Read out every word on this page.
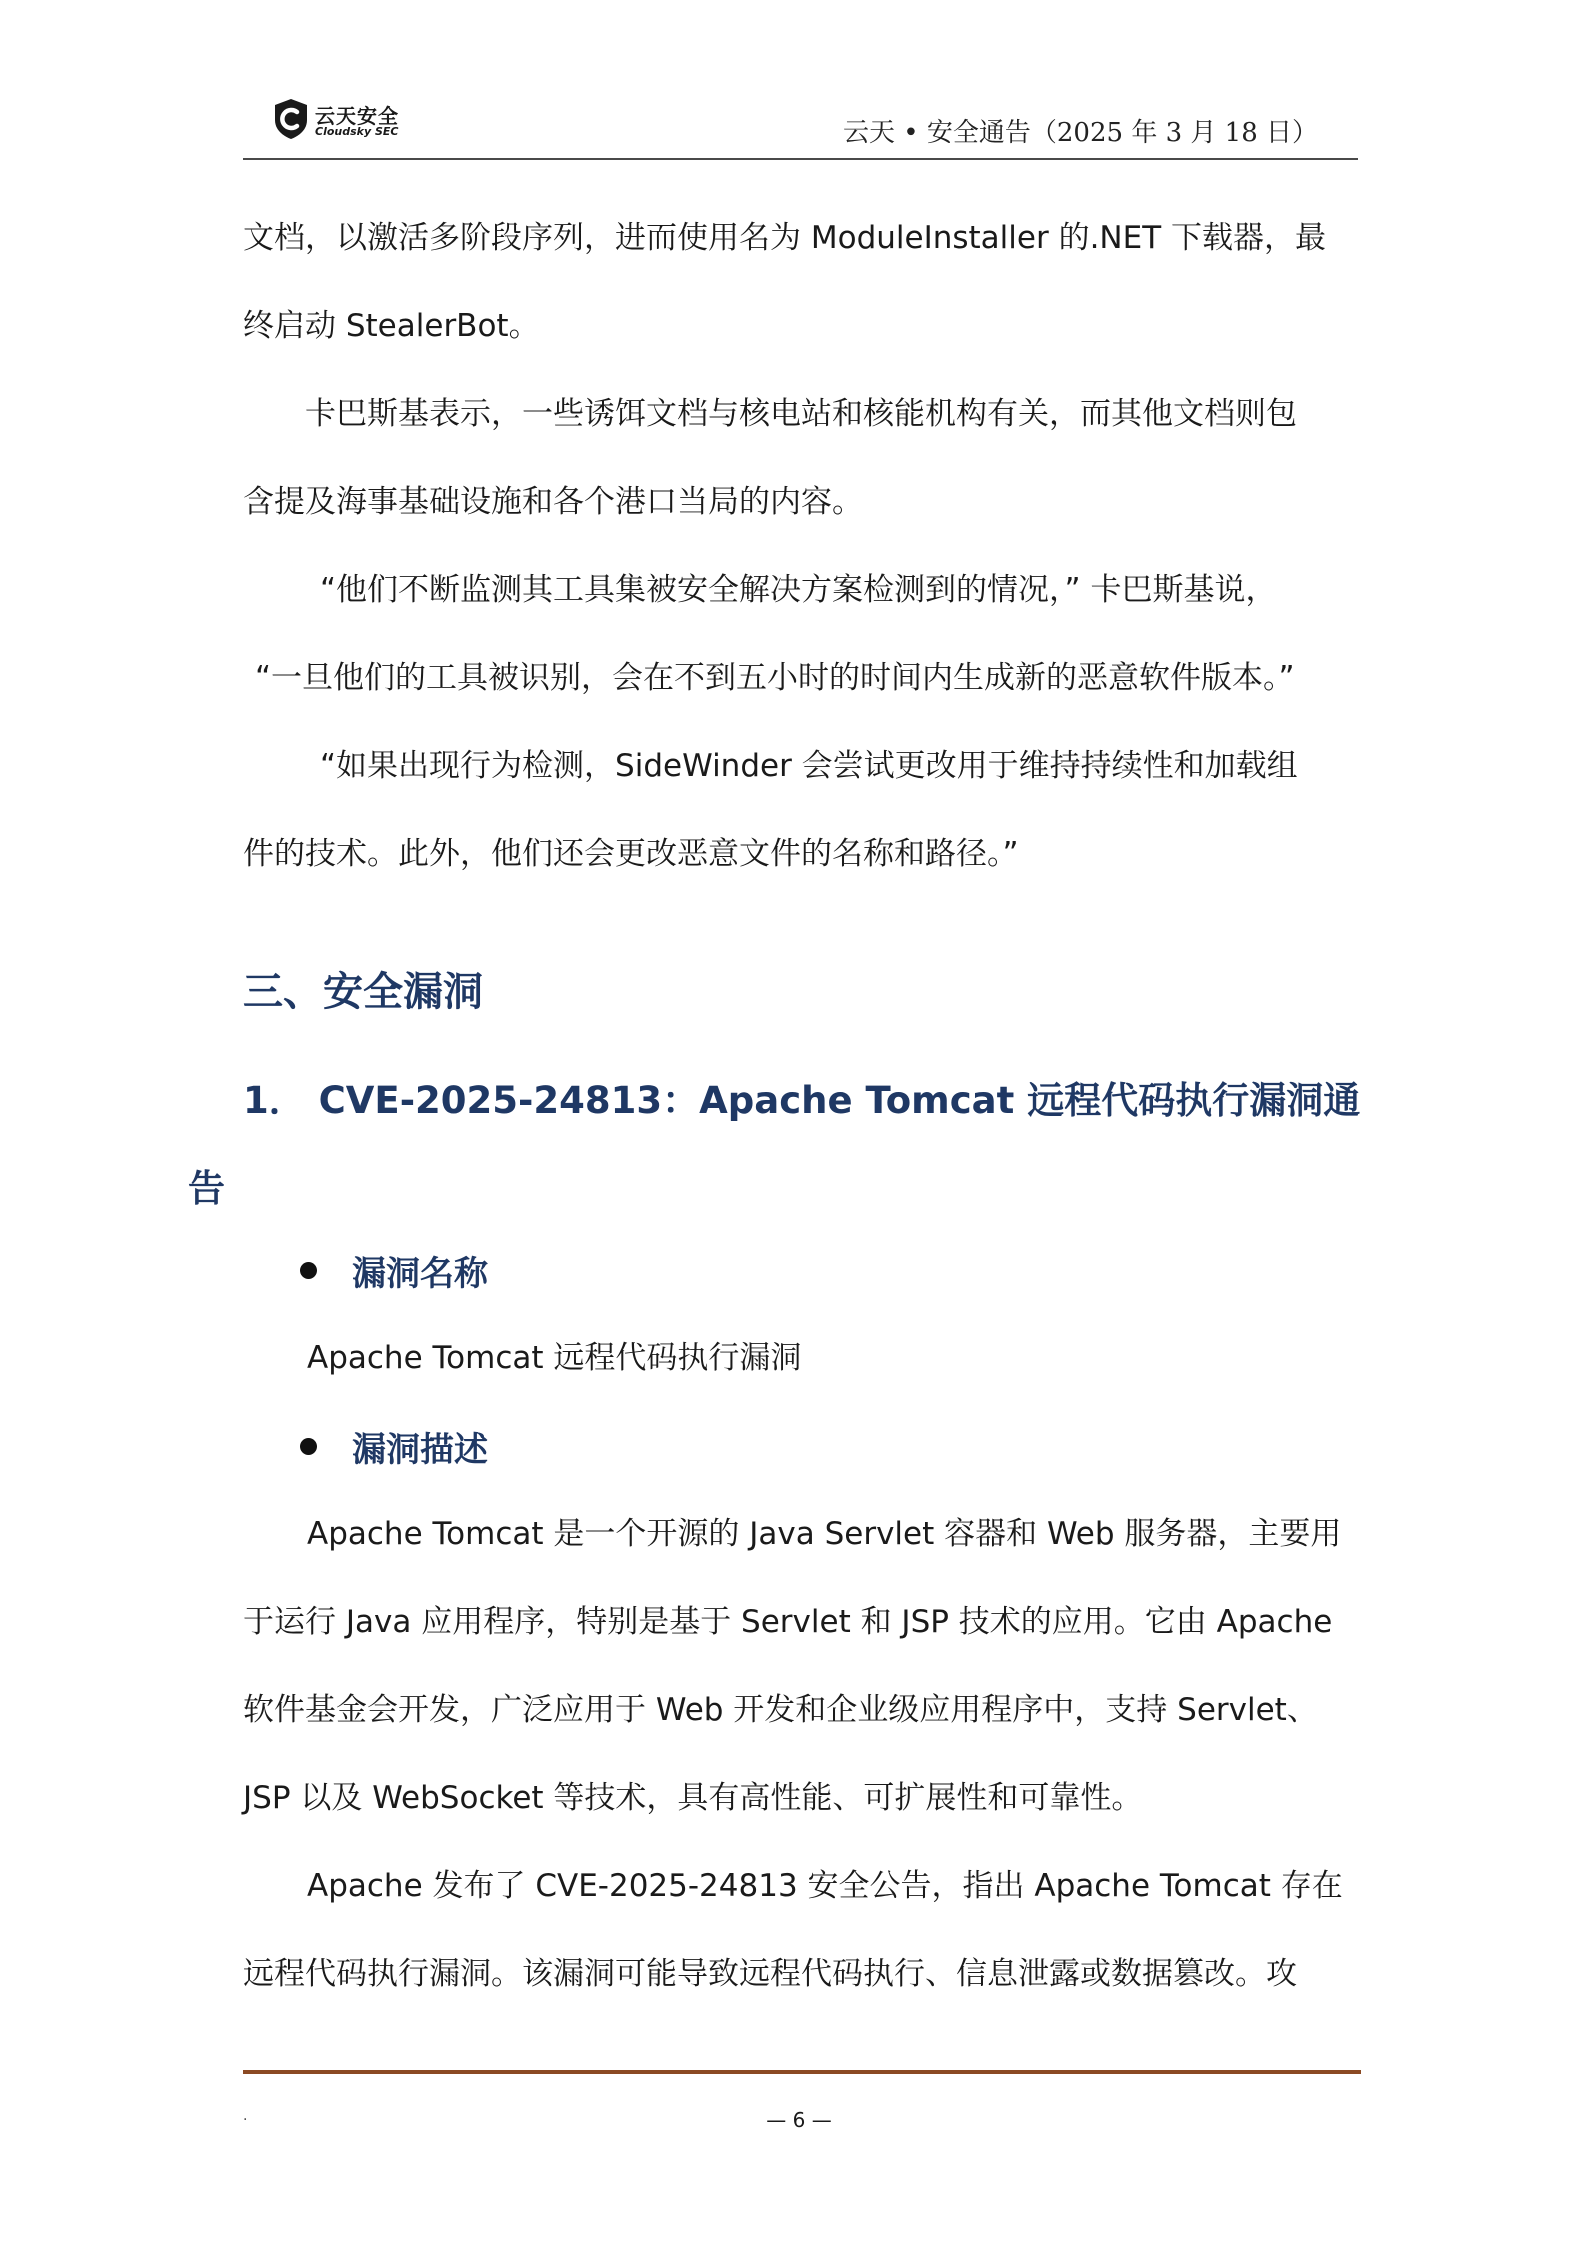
云天安全
Cloudsky SEC	云天 • 安全通告（2025 年 3 月 18 日）

文档，以激活多阶段序列，进而使用名为 ModuleInstaller 的.NET 下载器，最

终启动 StealerBot。

卡巴斯基表示，一些诱饵文档与核电站和核能机构有关，而其他文档则包

含提及海事基础设施和各个港口当局的内容。

“他们不断监测其工具集被安全解决方案检测到的情况，” 卡巴斯基说，

“一旦他们的工具被识别，会在不到五小时的时间内生成新的恶意软件版本。”

“如果出现行为检测，SideWinder 会尝试更改用于维持持续性和加载组

件的技术。此外，他们还会更改恶意文件的名称和路径。”

三、安全漏洞
1． CVE-2025-24813：Apache Tomcat 远程代码执行漏洞通
告
漏洞名称

Apache Tomcat 远程代码执行漏洞

漏洞描述

Apache Tomcat 是一个开源的 Java Servlet 容器和 Web 服务器，主要用

于运行 Java 应用程序，特别是基于 Servlet 和 JSP 技术的应用。它由 Apache

软件基金会开发，广泛应用于 Web 开发和企业级应用程序中，支持 Servlet、

JSP 以及 WebSocket 等技术，具有高性能、可扩展性和可靠性。

Apache 发布了 CVE-2025-24813 安全公告，指出 Apache Tomcat 存在

远程代码执行漏洞。该漏洞可能导致远程代码执行、信息泄露或数据篡改。攻

.	— 6 —
